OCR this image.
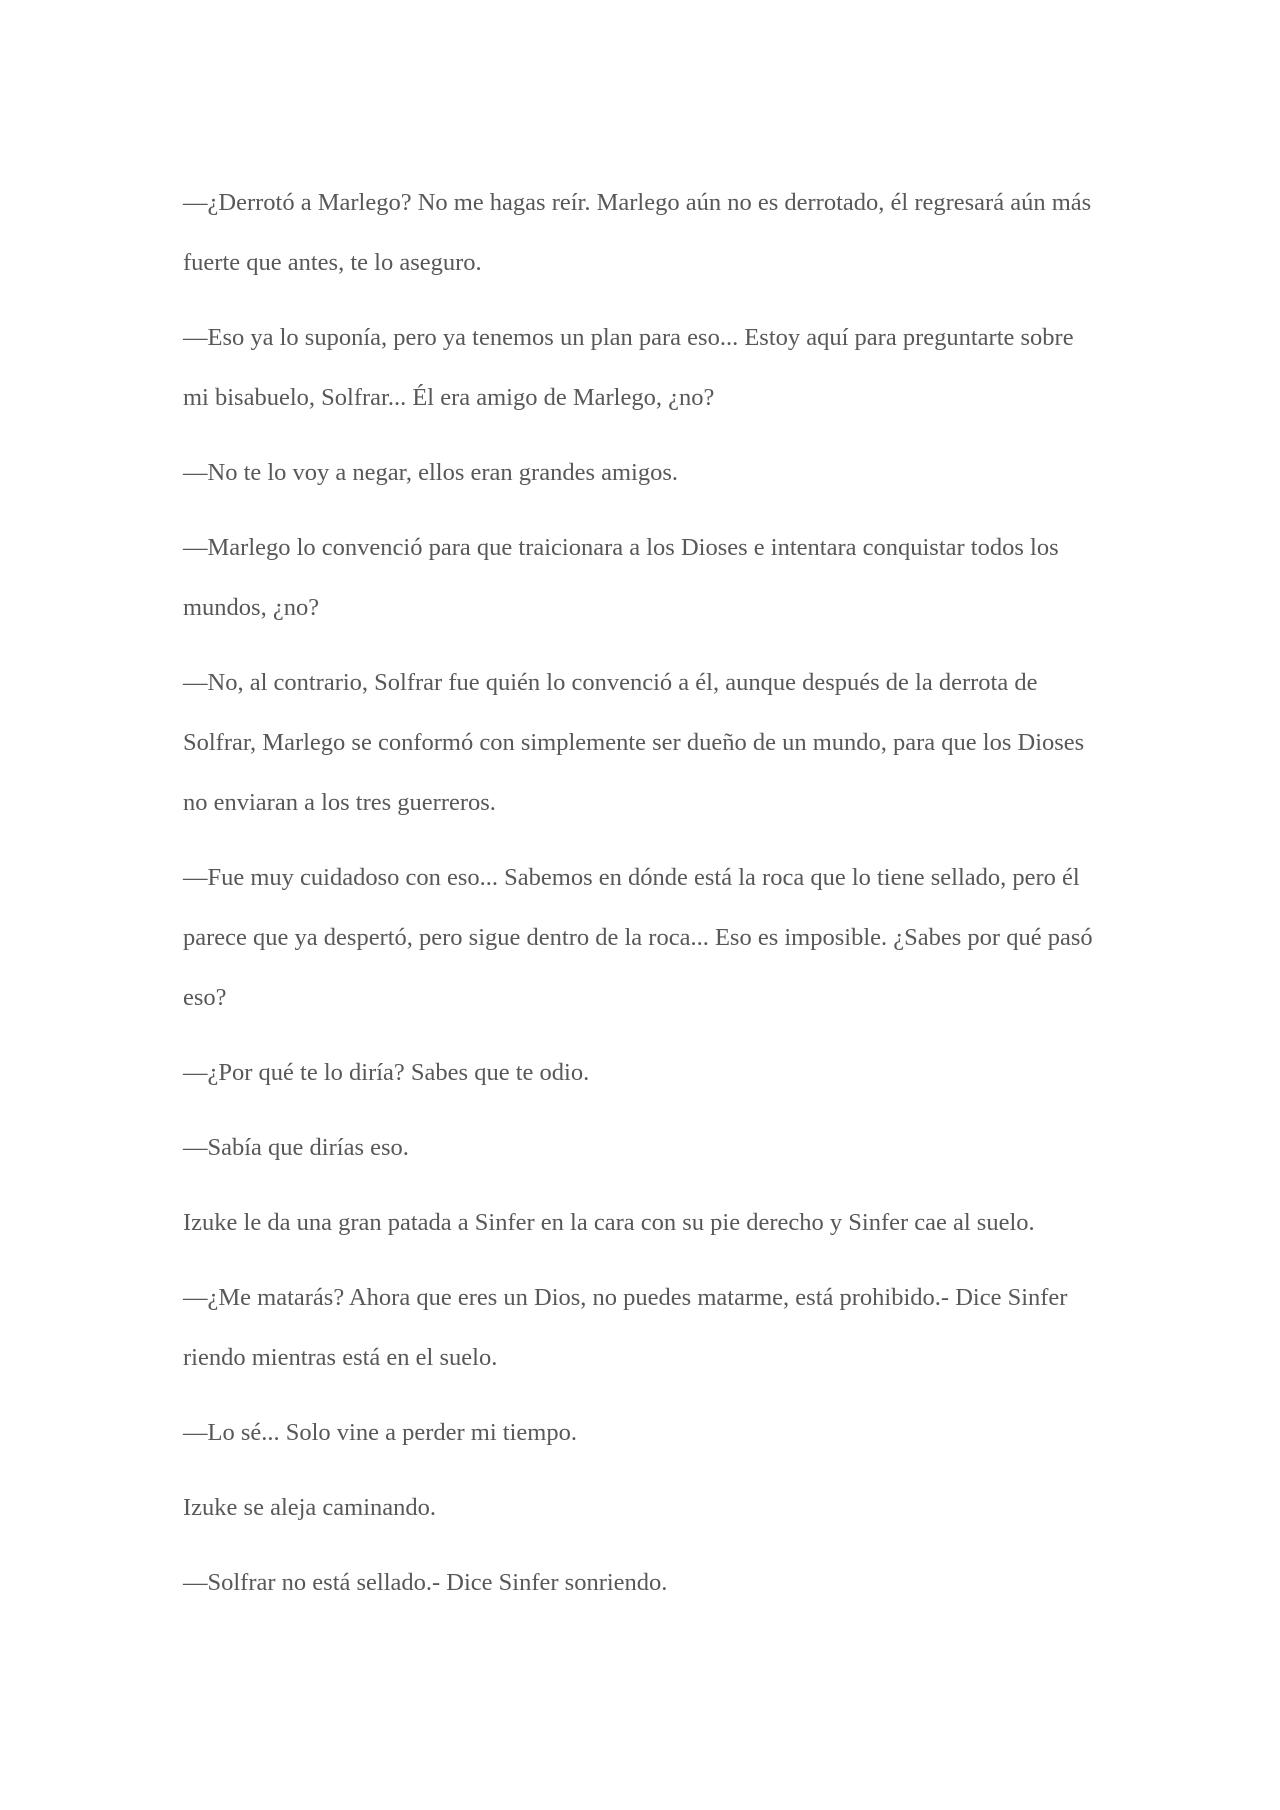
—¿Derrotó a Marlego? No me hagas reír. Marlego aún no es derrotado, él regresará aún más fuerte que antes, te lo aseguro.

—Eso ya lo suponía, pero ya tenemos un plan para eso... Estoy aquí para preguntarte sobre mi bisabuelo, Solfrar... Él era amigo de Marlego, ¿no?

—No te lo voy a negar, ellos eran grandes amigos.

—Marlego lo convenció para que traicionara a los Dioses e intentara conquistar todos los mundos, ¿no?

—No, al contrario, Solfrar fue quién lo convenció a él, aunque después de la derrota de Solfrar, Marlego se conformó con simplemente ser dueño de un mundo, para que los Dioses no enviaran a los tres guerreros.

—Fue muy cuidadoso con eso... Sabemos en dónde está la roca que lo tiene sellado, pero él parece que ya despertó, pero sigue dentro de la roca... Eso es imposible. ¿Sabes por qué pasó eso?

—¿Por qué te lo diría? Sabes que te odio.

—Sabía que dirías eso.

Izuke le da una gran patada a Sinfer en la cara con su pie derecho y Sinfer cae al suelo.

—¿Me matarás? Ahora que eres un Dios, no puedes matarme, está prohibido.- Dice Sinfer riendo mientras está en el suelo.

—Lo sé... Solo vine a perder mi tiempo.

Izuke se aleja caminando.

—Solfrar no está sellado.- Dice Sinfer sonriendo.
